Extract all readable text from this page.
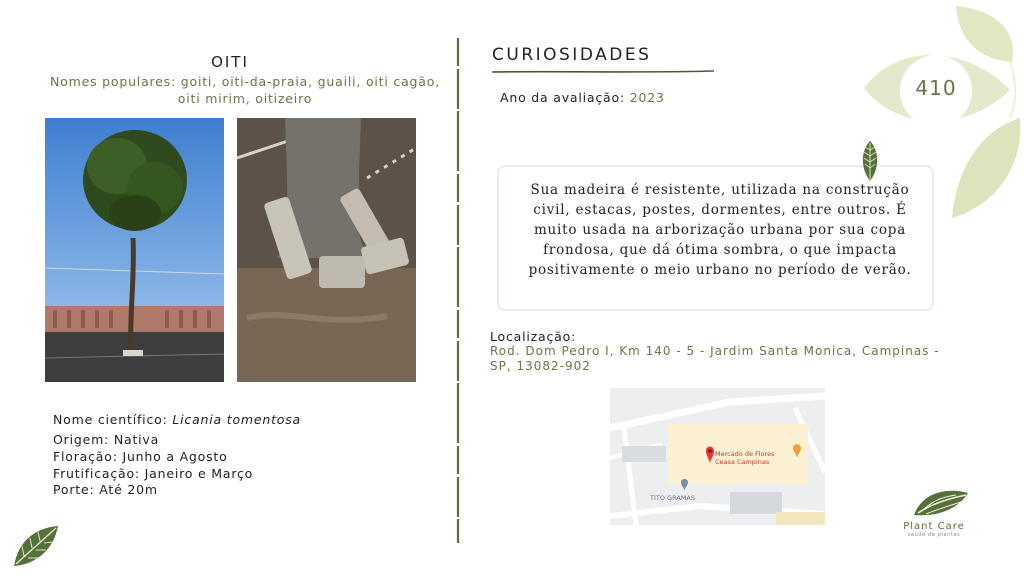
410
OITI
Nomes populares: goiti, oiti-da-praia, guaili, oiti cagão, oiti mirim, oitizeiro
Nome científico: Licania tomentosa
Origem: Nativa
Floração: Junho a Agosto
Frutificação: Janeiro e Março
Porte: Até 20m
CURIOSIDADES
Ano da avaliação: 2023
Sua madeira é resistente, utilizada na construção civil, estacas, postes, dormentes, entre outros. É muito usada na arborização urbana por sua copa frondosa, que dá ótima sombra, o que impacta positivamente o meio urbano no período de verão.
Localização:
Rod. Dom Pedro I, Km 140 - 5 - Jardim Santa Monica, Campinas - SP, 13082-902
Mercado de Flores
Ceasa Campinas
TITO GRAMAS
Plant Care
saúde de plantas
